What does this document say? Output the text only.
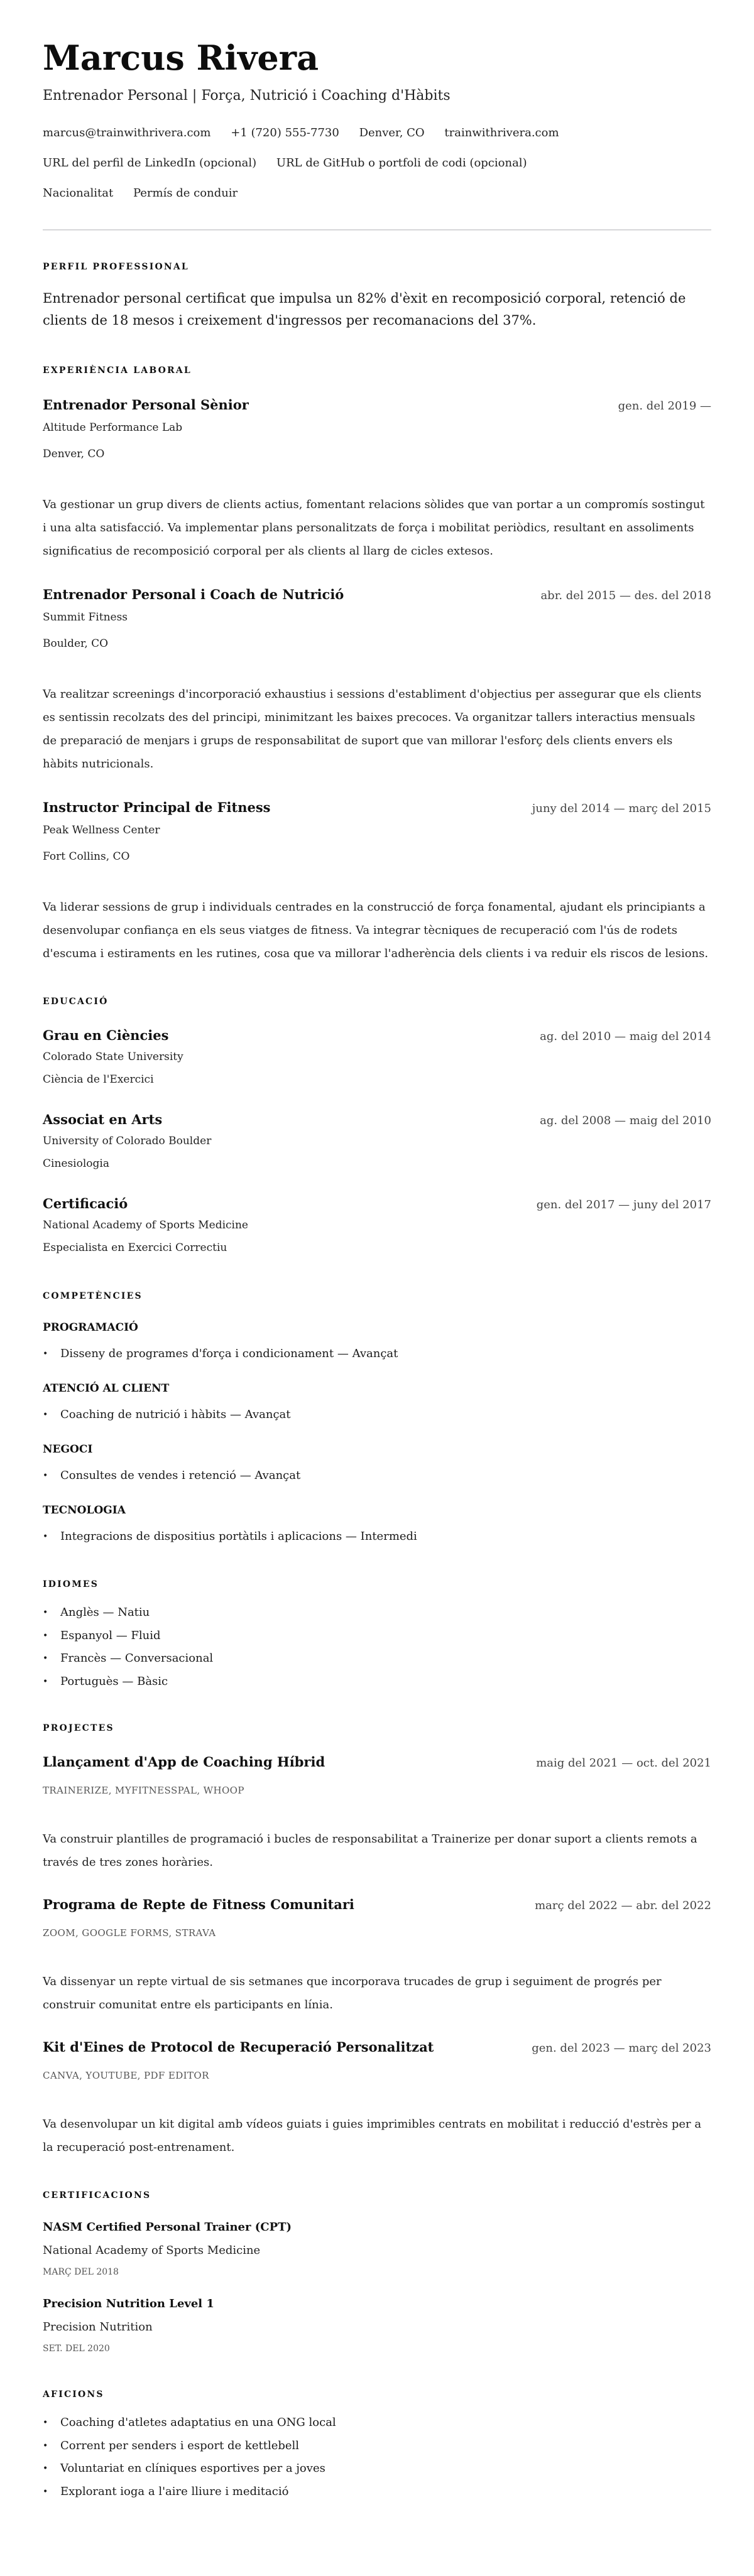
Marcus Rivera
Entrenador Personal | Força, Nutrició i Coaching d'Hàbits
marcus@trainwithrivera.com +1 (720) 555-7730 Denver, CO trainwithrivera.com
URL del perfil de LinkedIn (opcional) URL de GitHub o portfoli de codi (opcional)
Nacionalitat Permís de conduir
PERFIL PROFESSIONAL
Entrenador personal certificat que impulsa un 82% d'èxit en recomposició corporal, retenció de clients de 18 mesos i creixement d'ingressos per recomanacions del 37%.
EXPERIÈNCIA LABORAL
Entrenador Personal Sènior	gen. del 2019 —
Altitude Performance Lab
Denver, CO
Va gestionar un grup divers de clients actius, fomentant relacions sòlides que van portar a un compromís sostingut i una alta satisfacció. Va implementar plans personalitzats de força i mobilitat periòdics, resultant en assoliments significatius de recomposició corporal per als clients al llarg de cicles extesos.
Entrenador Personal i Coach de Nutrició	abr. del 2015 — des. del 2018
Summit Fitness
Boulder, CO
Va realitzar screenings d'incorporació exhaustius i sessions d'establiment d'objectius per assegurar que els clients es sentissin recolzats des del principi, minimitzant les baixes precoces. Va organitzar tallers interactius mensuals de preparació de menjars i grups de responsabilitat de suport que van millorar l'esforç dels clients envers els hàbits nutricionals.
Instructor Principal de Fitness	juny del 2014 — març del 2015
Peak Wellness Center
Fort Collins, CO
Va liderar sessions de grup i individuals centrades en la construcció de força fonamental, ajudant els principiants a desenvolupar confiança en els seus viatges de fitness. Va integrar tècniques de recuperació com l'ús de rodets d'escuma i estiraments en les rutines, cosa que va millorar l'adherència dels clients i va reduir els riscos de lesions.
EDUCACIÓ
Grau en Ciències	ag. del 2010 — maig del 2014
Colorado State University
Ciència de l'Exercici
Associat en Arts	ag. del 2008 — maig del 2010
University of Colorado Boulder
Cinesiologia
Certificació	gen. del 2017 — juny del 2017
National Academy of Sports Medicine
Especialista en Exercici Correctiu
COMPETÈNCIES
PROGRAMACIÓ
• Disseny de programes d'força i condicionament — Avançat
ATENCIÓ AL CLIENT
• Coaching de nutrició i hàbits — Avançat
NEGOCI
• Consultes de vendes i retenció — Avançat
TECNOLOGIA
• Integracions de dispositius portàtils i aplicacions — Intermedi
IDIOMES
• Anglès — Natiu
• Espanyol — Fluid
• Francès — Conversacional
• Portuguès — Bàsic
PROJECTES
Llançament d'App de Coaching Híbrid	maig del 2021 — oct. del 2021
TRAINERIZE, MYFITNESSPAL, WHOOP
Va construir plantilles de programació i bucles de responsabilitat a Trainerize per donar suport a clients remots a través de tres zones horàries.
Programa de Repte de Fitness Comunitari	març del 2022 — abr. del 2022
ZOOM, GOOGLE FORMS, STRAVA
Va dissenyar un repte virtual de sis setmanes que incorporava trucades de grup i seguiment de progrés per construir comunitat entre els participants en línia.
Kit d'Eines de Protocol de Recuperació Personalitzat	gen. del 2023 — març del 2023
CANVA, YOUTUBE, PDF EDITOR
Va desenvolupar un kit digital amb vídeos guiats i guies imprimibles centrats en mobilitat i reducció d'estrès per a la recuperació post-entrenament.
CERTIFICACIONS
NASM Certified Personal Trainer (CPT)
National Academy of Sports Medicine
MARÇ DEL 2018
Precision Nutrition Level 1
Precision Nutrition
SET. DEL 2020
AFICIONS
• Coaching d'atletes adaptatius en una ONG local
• Corrent per senders i esport de kettlebell
• Voluntariat en clíniques esportives per a joves
• Explorant ioga a l'aire lliure i meditació
